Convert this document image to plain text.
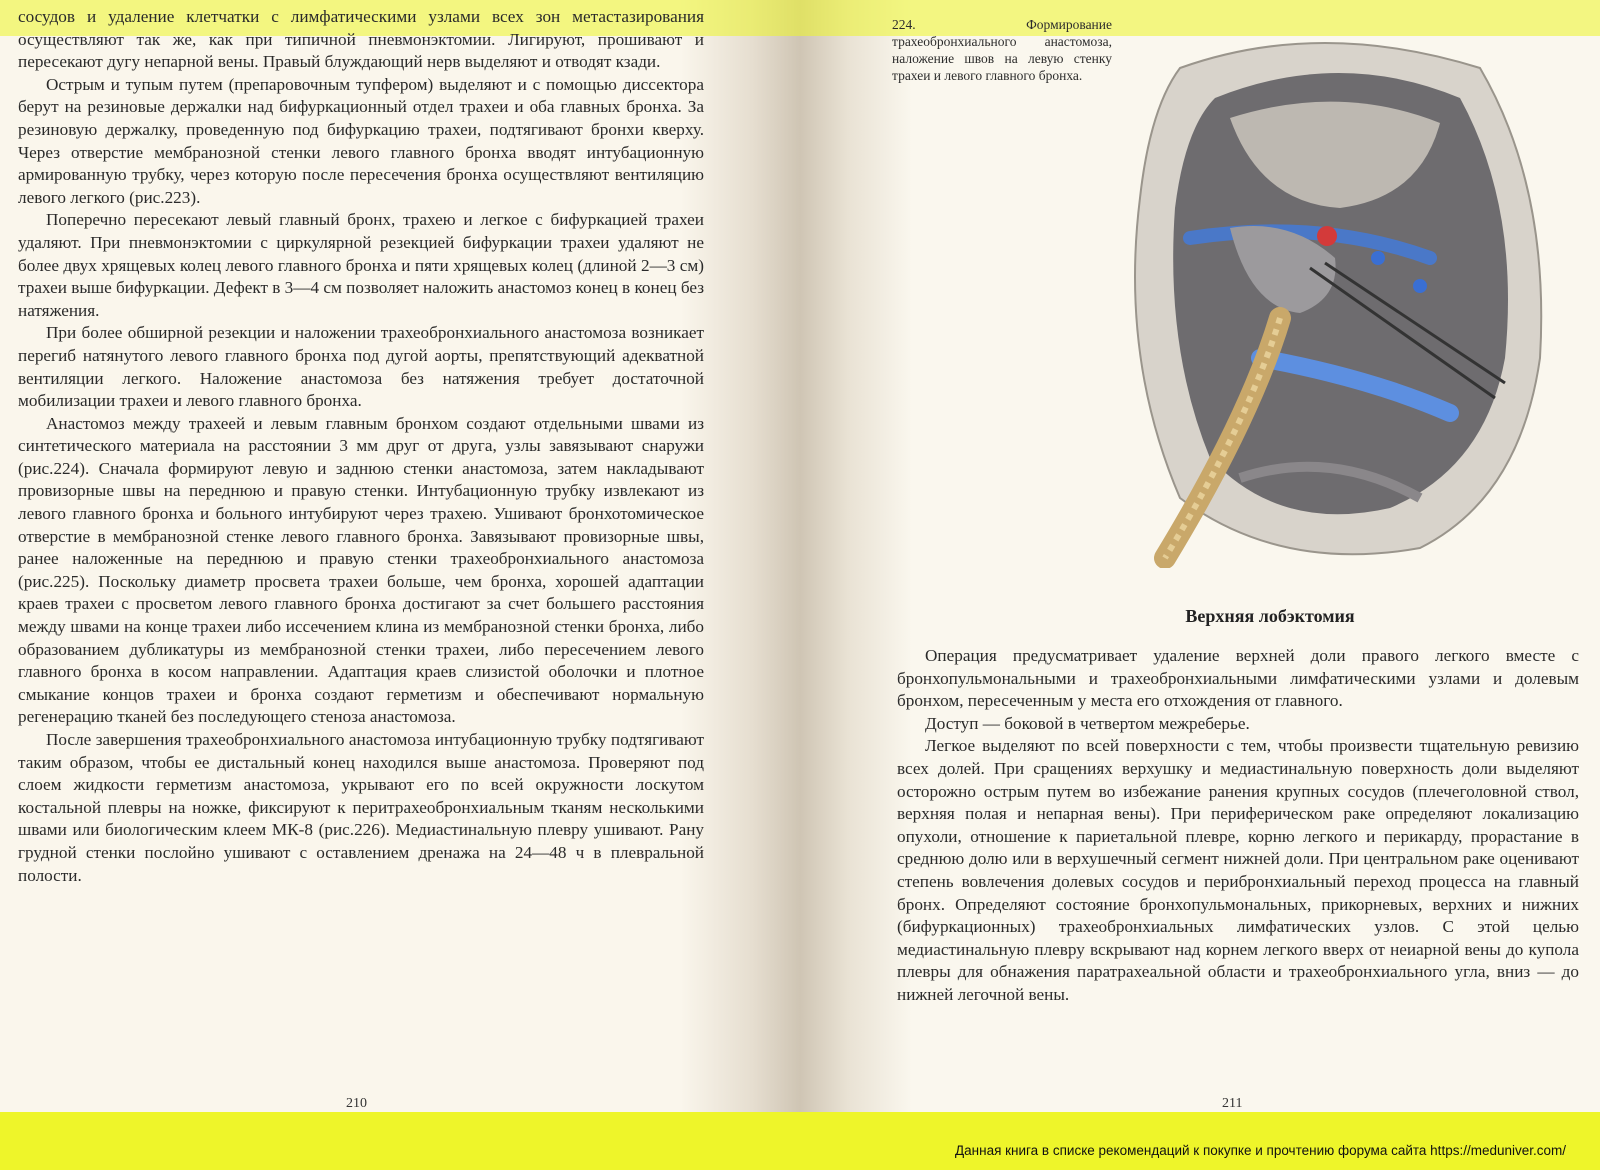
сосудов и удаление клетчатки с лимфатическими узлами всех зон метастазирования осуществляют так же, как при типичной пневмонэктомии. Лигируют, прошивают и пересекают дугу непарной вены. Правый блуждающий нерв выделяют и отводят кзади.

Острым и тупым путем (препаровочным тупфером) выделяют и с помощью диссектора берут на резиновые держалки над бифуркационный отдел трахеи и оба главных бронха. За резиновую держалку, проведенную под бифуркацию трахеи, подтягивают бронхи кверху. Через отверстие мембранозной стенки левого главного бронха вводят интубационную армированную трубку, через которую после пересечения бронха осуществляют вентиляцию левого легкого (рис.223).

Поперечно пересекают левый главный бронх, трахею и легкое с бифуркацией трахеи удаляют. При пневмонэктомии с циркулярной резекцией бифуркации трахеи удаляют не более двух хрящевых колец левого главного бронха и пяти хрящевых колец (длиной 2—3 см) трахеи выше бифуркации. Дефект в 3—4 см позволяет наложить анастомоз конец в конец без натяжения.

При более обширной резекции и наложении трахеобронхиального анастомоза возникает перегиб натянутого левого главного бронха под дугой аорты, препятствующий адекватной вентиляции легкого. Наложение анастомоза без натяжения требует достаточной мобилизации трахеи и левого главного бронха.

Анастомоз между трахеей и левым главным бронхом создают отдельными швами из синтетического материала на расстоянии 3 мм друг от друга, узлы завязывают снаружи (рис.224). Сначала формируют левую и заднюю стенки анастомоза, затем накладывают провизорные швы на переднюю и правую стенки. Интубационную трубку извлекают из левого главного бронха и больного интубируют через трахею. Ушивают бронхотомическое отверстие в мембранозной стенке левого главного бронха. Завязывают провизорные швы, ранее наложенные на переднюю и правую стенки трахеобронхиального анастомоза (рис.225). Поскольку диаметр просвета трахеи больше, чем бронха, хорошей адаптации краев трахеи с просветом левого главного бронха достигают за счет большего расстояния между швами на конце трахеи либо иссечением клина из мембранозной стенки бронха, либо образованием дубликатуры из мембранозной стенки трахеи, либо пересечением левого главного бронха в косом направлении. Адаптация краев слизистой оболочки и плотное смыкание концов трахеи и бронха создают герметизм и обеспечивают нормальную регенерацию тканей без последующего стеноза анастомоза.

После завершения трахеобронхиального анастомоза интубационную трубку подтягивают таким образом, чтобы ее дистальный конец находился выше анастомоза. Проверяют под слоем жидкости герметизм анастомоза, укрывают его по всей окружности лоскутом костальной плевры на ножке, фиксируют к перитрахеобронхиальным тканям несколькими швами или биологическим клеем МК-8 (рис.226). Медиастинальную плевру ушивают. Рану грудной стенки послойно ушивают с оставлением дренажа на 24—48 ч в плевральной полости.

210
224. Формирование трахеобронхиального анастомоза, наложение швов на левую стенку трахеи и левого главного бронха.
Верхняя лобэктомия

Операция предусматривает удаление верхней доли правого легкого вместе с бронхопульмональными и трахеобронхиальными лимфатическими узлами и долевым бронхом, пересеченным у места его отхождения от главного.

Доступ — боковой в четвертом межреберье.

Легкое выделяют по всей поверхности с тем, чтобы произвести тщательную ревизию всех долей. При сращениях верхушку и медиастинальную поверхность доли выделяют осторожно острым путем во избежание ранения крупных сосудов (плечеголовной ствол, верхняя полая и непарная вены). При периферическом раке определяют локализацию опухоли, отношение к париетальной плевре, корню легкого и перикарду, прорастание в среднюю долю или в верхушечный сегмент нижней доли. При центральном раке оценивают степень вовлечения долевых сосудов и перибронхиальный переход процесса на главный бронх. Определяют состояние бронхопульмональных, прикорневых, верхних и нижних (бифуркационных) трахеобронхиальных лимфатических узлов. С этой целью медиастинальную плевру вскрывают над корнем легкого вверх от неиарной вены до купола плевры для обнажения паратрахеальной области и трахеобронхиального угла, вниз — до нижней легочной вены.

211
Данная книга в списке рекомендаций к покупке и прочтению форума сайта https://meduniver.com/
